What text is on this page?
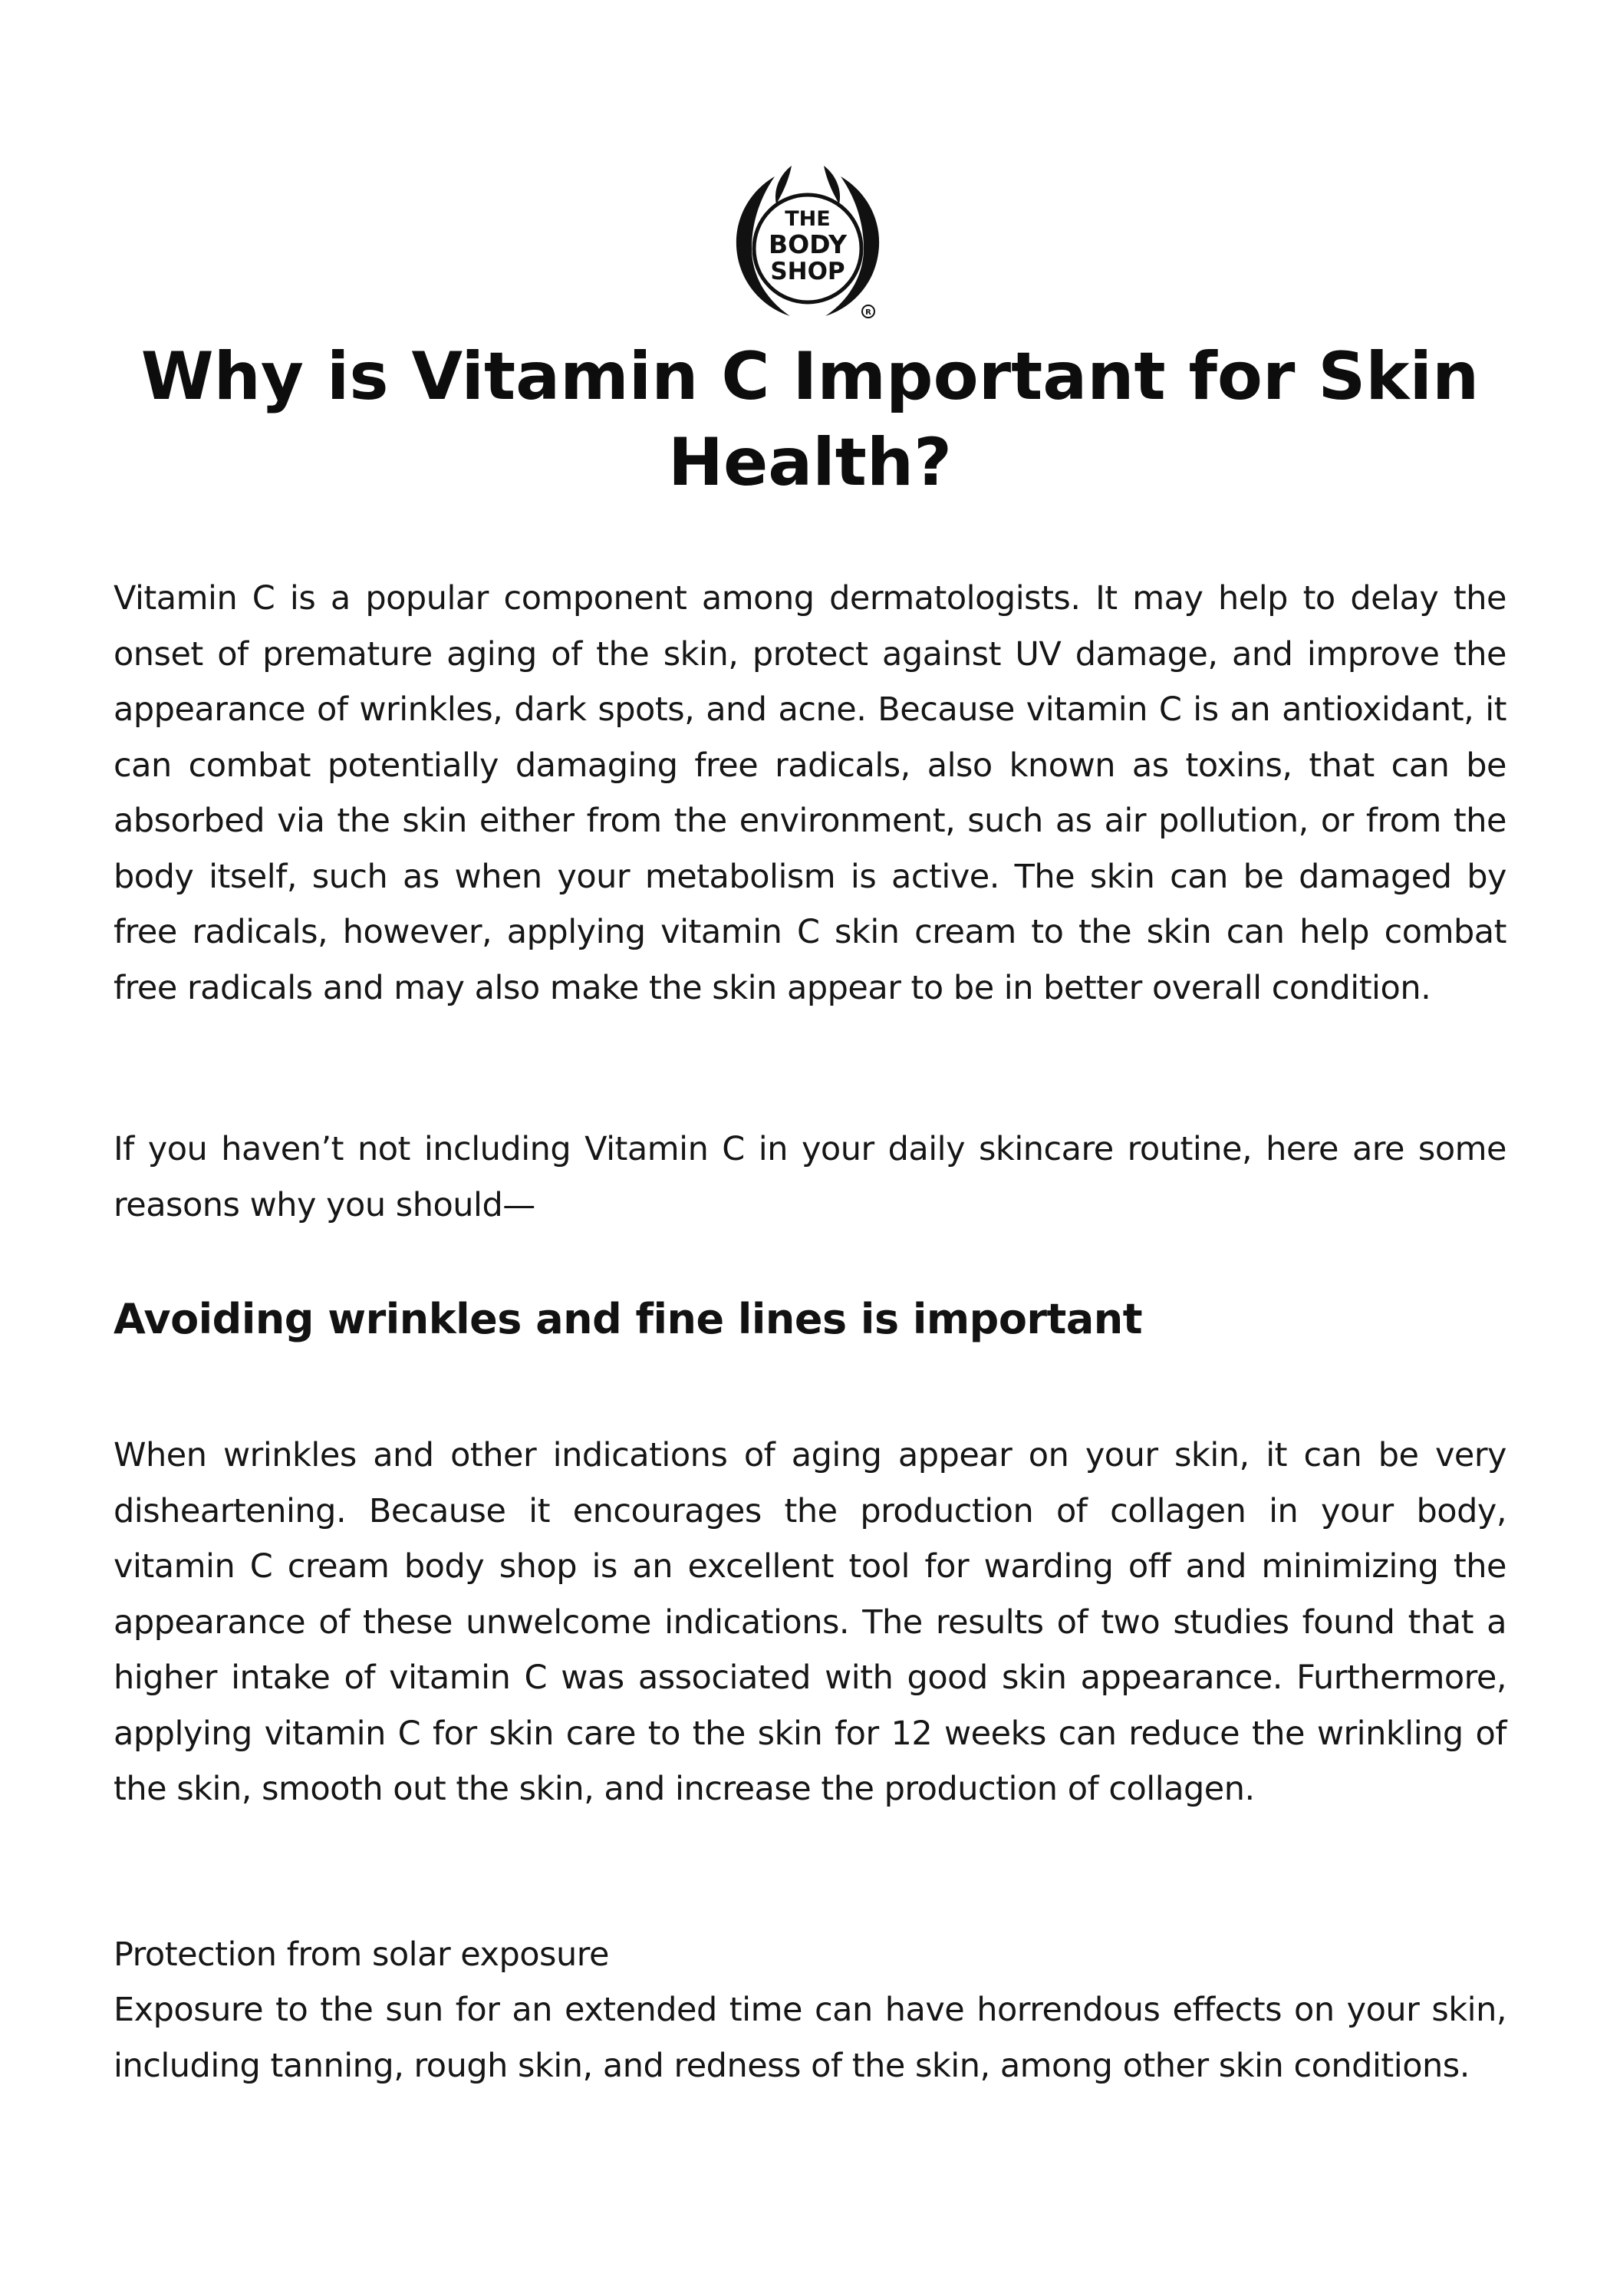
THE
BODY
SHOP
R
Why is Vitamin C Important for Skin Health?

Vitamin C is a popular component among dermatologists. It may help to delay the onset of premature aging of the skin, protect against UV damage, and improve the appearance of wrinkles, dark spots, and acne. Because vitamin C is an antioxidant, it can combat potentially damaging free radicals, also known as toxins, that can be absorbed via the skin either from the environment, such as air pollution, or from the body itself, such as when your metabolism is active. The skin can be damaged by free radicals, however, applying vitamin C skin cream to the skin can help combat free radicals and may also make the skin appear to be in better overall condition.

If you haven’t not including Vitamin C in your daily skincare routine, here are some reasons why you should—

Avoiding wrinkles and fine lines is important

When wrinkles and other indications of aging appear on your skin, it can be very disheartening. Because it encourages the production of collagen in your body, vitamin C cream body shop is an excellent tool for warding off and minimizing the appearance of these unwelcome indications. The results of two studies found that a higher intake of vitamin C was associated with good skin appearance. Furthermore, applying vitamin C for skin care to the skin for 12 weeks can reduce the wrinkling of the skin, smooth out the skin, and increase the production of collagen.

Protection from solar exposure

Exposure to the sun for an extended time can have horrendous effects on your skin, including tanning, rough skin, and redness of the skin, among other skin conditions.
